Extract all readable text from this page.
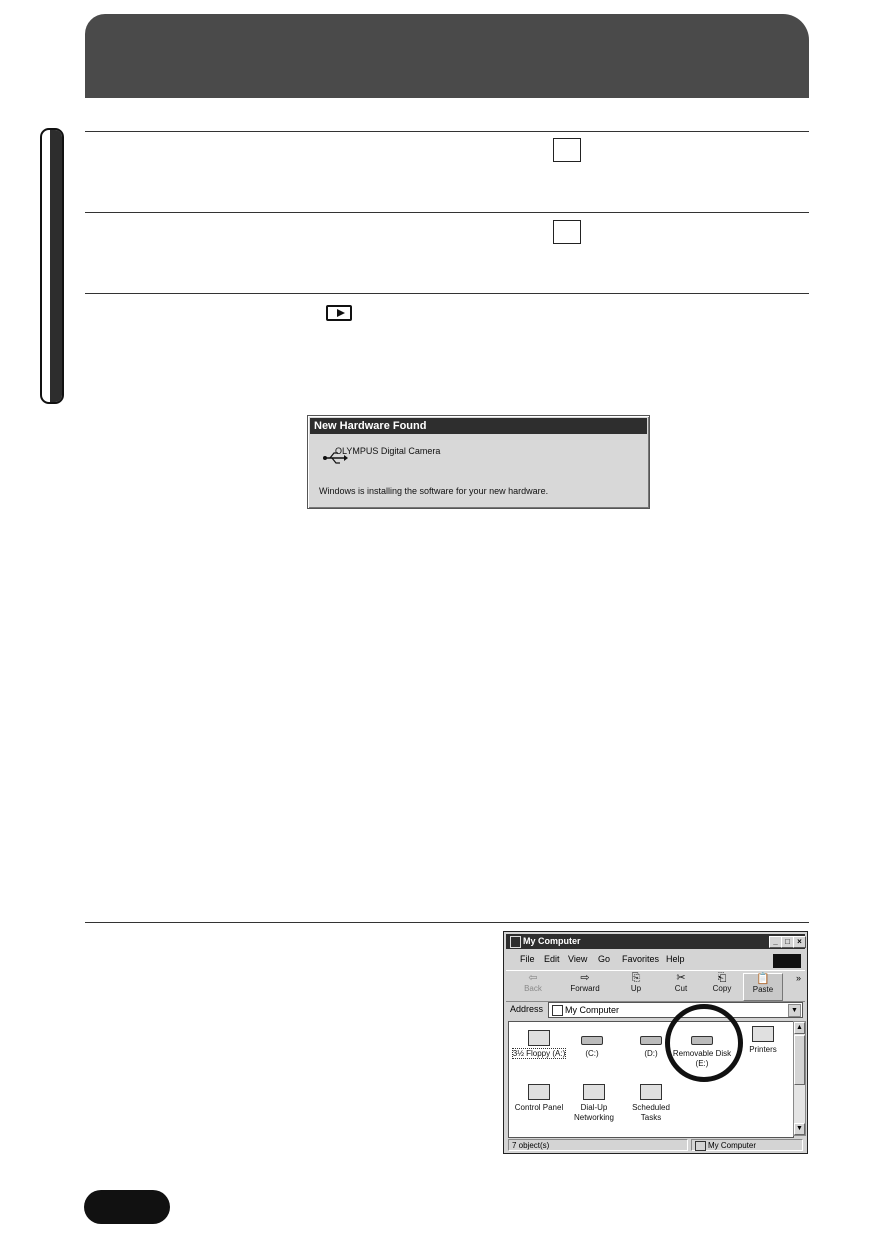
New Hardware Found
OLYMPUS Digital Camera
Windows is installing the software for your new hardware.
My Computer	_ □ ×
File Edit View Go Favorites Help
⇦
Back
⇨
Forward
⎘
Up
✂
Cut
⎗
Copy
📋
Paste
»
Address My Computer	▼
3½ Floppy (A:)	(C:)	(D:)	Removable Disk (E:)
Printers
Control Panel	Dial-Up Networking
Scheduled Tasks
▲
▼
7 object(s)	My Computer
